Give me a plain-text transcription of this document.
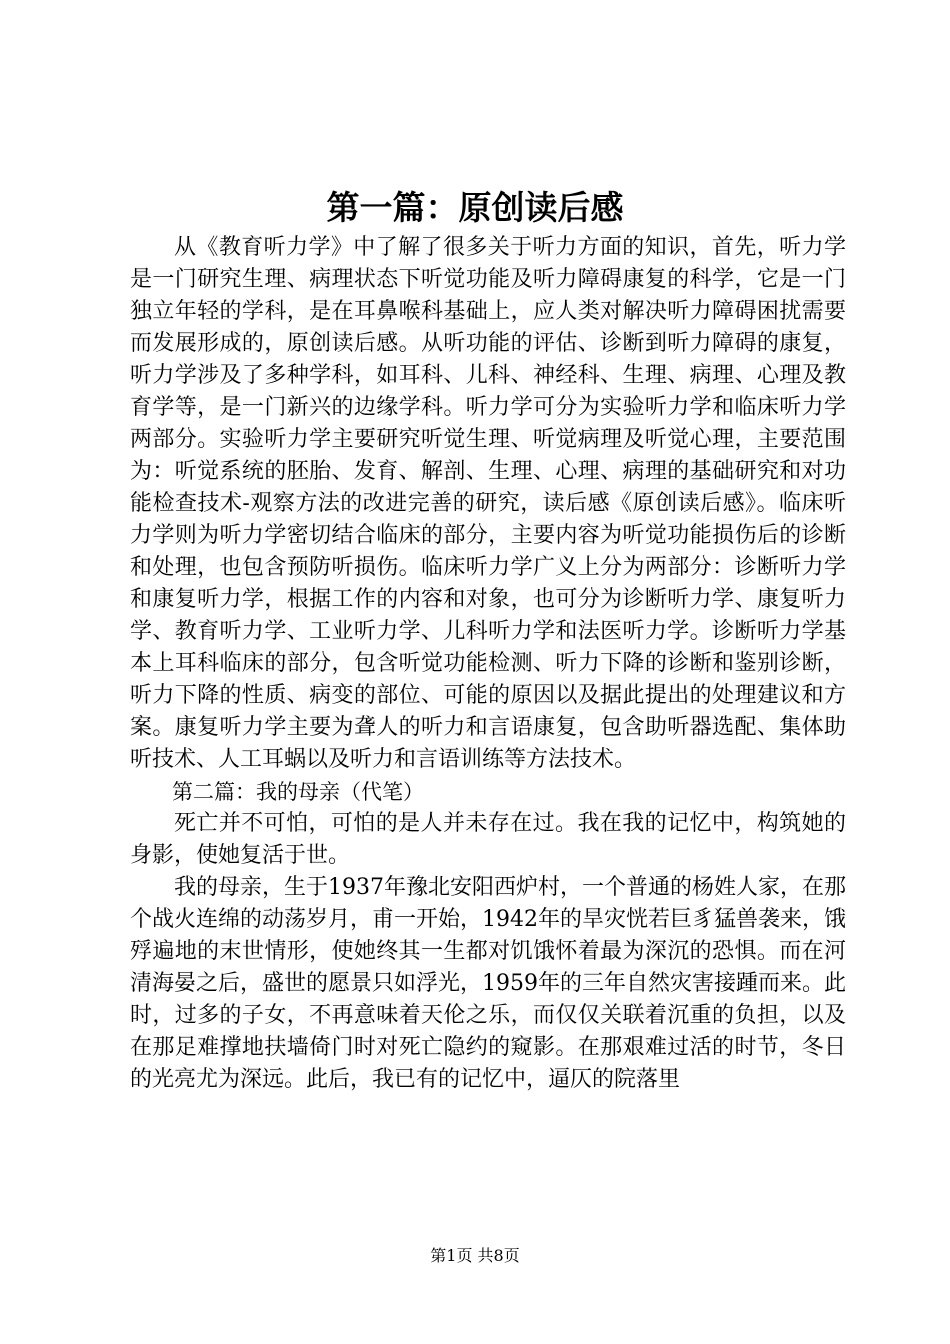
第一篇：原创读后感

从《教育听力学》中了解了很多关于听力方面的知识，首先，听力学是一门研究生理、病理状态下听觉功能及听力障碍康复的科学，它是一门独立年轻的学科，是在耳鼻喉科基础上，应人类对解决听力障碍困扰需要而发展形成的，原创读后感。从听功能的评估、诊断到听力障碍的康复，听力学涉及了多种学科，如耳科、儿科、神经科、生理、病理、心理及教育学等，是一门新兴的边缘学科。听力学可分为实验听力学和临床听力学两部分。实验听力学主要研究听觉生理、听觉病理及听觉心理，主要范围为：听觉系统的胚胎、发育、解剖、生理、心理、病理的基础研究和对功能检查技术-观察方法的改进完善的研究，读后感《原创读后感》。临床听力学则为听力学密切结合临床的部分，主要内容为听觉功能损伤后的诊断和处理，也包含预防听损伤。临床听力学广义上分为两部分：诊断听力学和康复听力学，根据工作的内容和对象，也可分为诊断听力学、康复听力学、教育听力学、工业听力学、儿科听力学和法医听力学。诊断听力学基本上耳科临床的部分，包含听觉功能检测、听力下降的诊断和鉴别诊断，听力下降的性质、病变的部位、可能的原因以及据此提出的处理建议和方案。康复听力学主要为聋人的听力和言语康复，包含助听器选配、集体助听技术、人工耳蜗以及听力和言语训练等方法技术。

第二篇：我的母亲（代笔）

死亡并不可怕，可怕的是人并未存在过。我在我的记忆中，构筑她的身影，使她复活于世。

我的母亲，生于1937年豫北安阳西炉村，一个普通的杨姓人家，在那个战火连绵的动荡岁月，甫一开始，1942年的旱灾恍若巨豸猛兽袭来，饿殍遍地的末世情形，使她终其一生都对饥饿怀着最为深沉的恐惧。而在河清海晏之后，盛世的愿景只如浮光，1959年的三年自然灾害接踵而来。此时，过多的子女，不再意味着天伦之乐，而仅仅关联着沉重的负担，以及在那足难撑地扶墙倚门时对死亡隐约的窥影。在那艰难过活的时节，冬日的光亮尤为深远。此后，我已有的记忆中，逼仄的院落里

第1页 共8页
